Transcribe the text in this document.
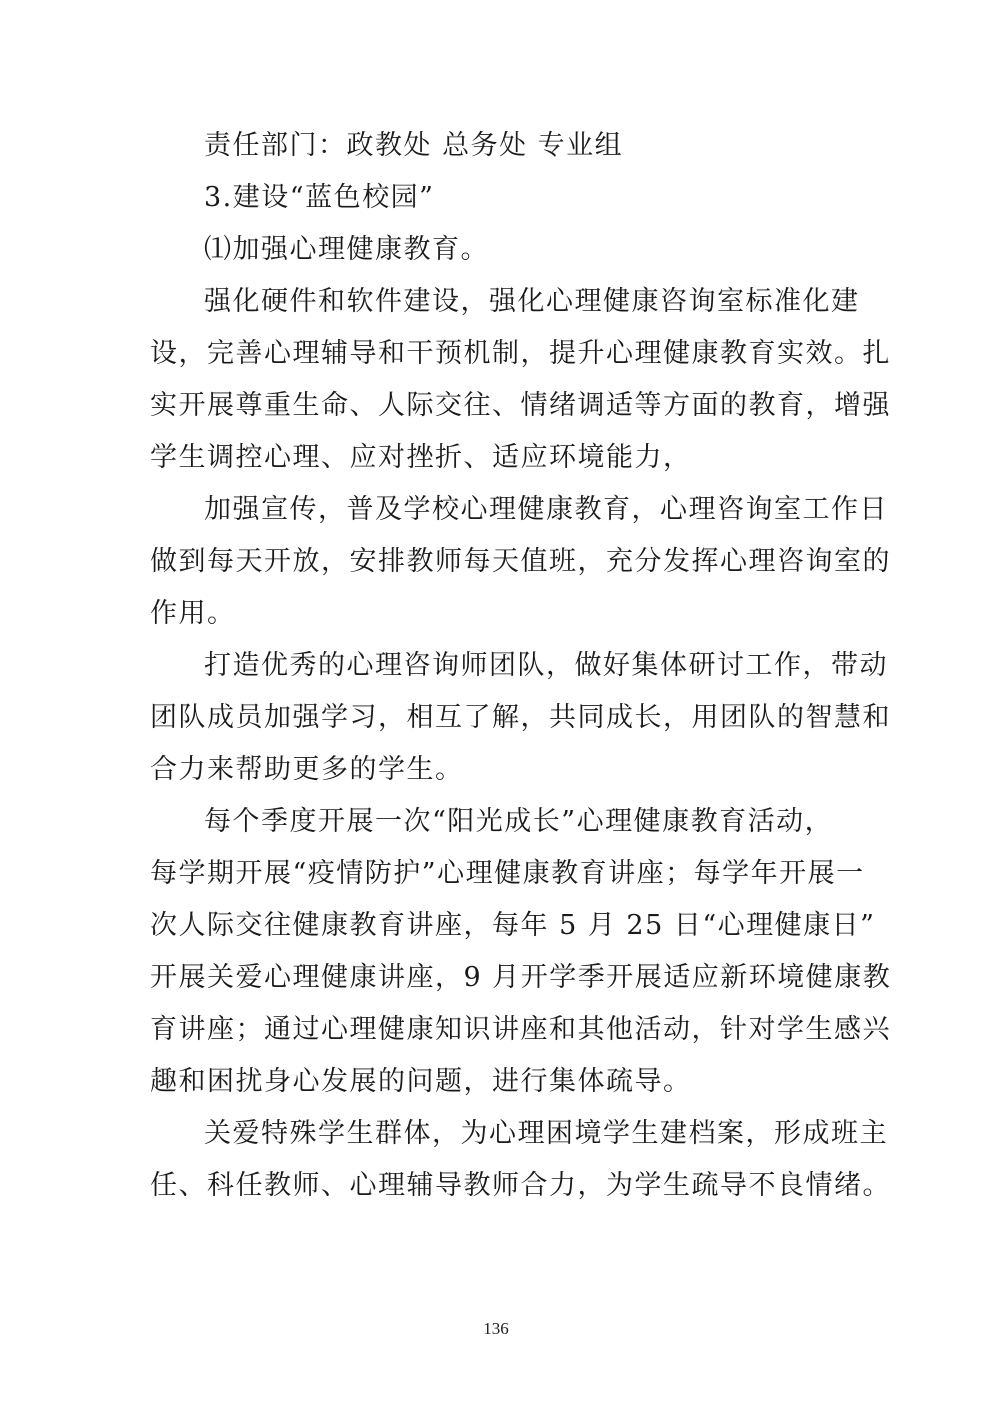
责任部门：政教处 总务处 专业组
3.建设“蓝色校园”
⑴加强心理健康教育。
强化硬件和软件建设，强化心理健康咨询室标准化建
设，完善心理辅导和干预机制，提升心理健康教育实效。扎
实开展尊重生命、人际交往、情绪调适等方面的教育，增强
学生调控心理、应对挫折、适应环境能力，
加强宣传，普及学校心理健康教育，心理咨询室工作日
做到每天开放，安排教师每天值班，充分发挥心理咨询室的
作用。
打造优秀的心理咨询师团队，做好集体研讨工作，带动
团队成员加强学习，相互了解，共同成长，用团队的智慧和
合力来帮助更多的学生。
每个季度开展一次“阳光成长”心理健康教育活动，
每学期开展“疫情防护”心理健康教育讲座；每学年开展一
次人际交往健康教育讲座，每年 5 月 25 日“心理健康日”
开展关爱心理健康讲座，9 月开学季开展适应新环境健康教
育讲座；通过心理健康知识讲座和其他活动，针对学生感兴
趣和困扰身心发展的问题，进行集体疏导。
关爱特殊学生群体，为心理困境学生建档案，形成班主
任、科任教师、心理辅导教师合力，为学生疏导不良情绪。
136
